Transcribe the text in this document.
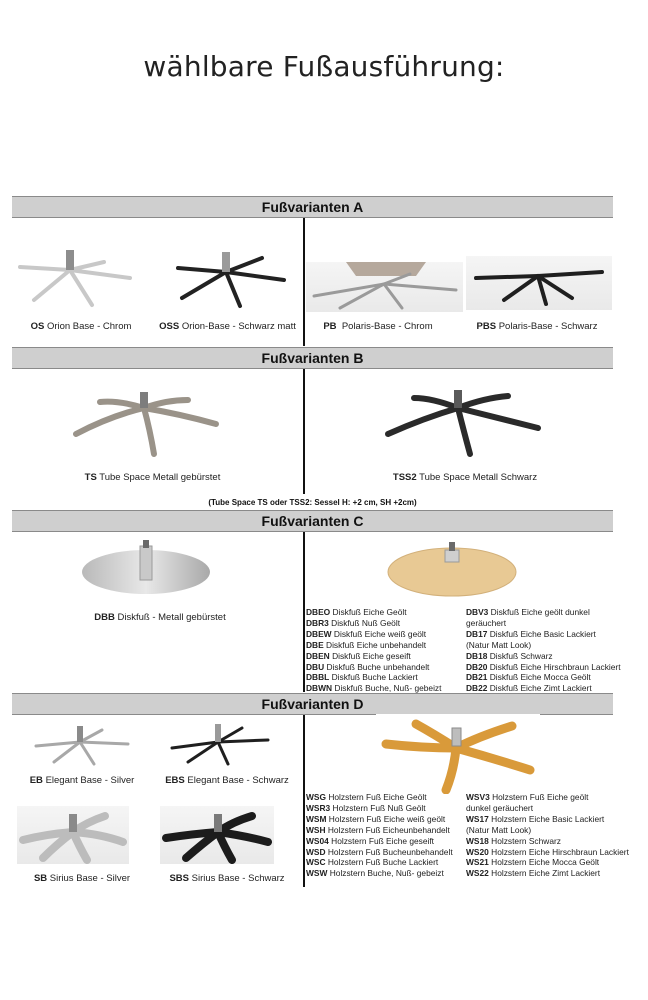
wählbare Fußausführung:
Fußvarianten A
OS Orion Base - Chrom	OSS Orion-Base - Schwarz matt	PB Polaris-Base - Chrom	PBS Polaris-Base - Schwarz
Fußvarianten B
TS Tube Space Metall gebürstet	TSS2 Tube Space Metall Schwarz
(Tube Space TS oder TSS2: Sessel H: +2 cm, SH +2cm)
Fußvarianten C
DBB Diskfuß - Metall gebürstet	DBEO Diskfuß Eiche Geölt
DBR3 Diskfuß Nuß Geölt
DBEW Diskfuß Eiche weiß geölt
DBE Diskfuß Eiche unbehandelt
DBEN Diskfuß Eiche geseift
DBU Diskfuß Buche unbehandelt
DBBL Diskfuß Buche Lackiert
DBWN Diskfuß Buche, Nuß- gebeizt
DBV3 Diskfuß Eiche geölt dunkel
geräuchert
DB17 Diskfuß Eiche Basic Lackiert
(Natur Matt Look)
DB18 Diskfuß Schwarz
DB20 Diskfuß Eiche Hirschbraun Lackiert
DB21 Diskfuß Eiche Mocca Geölt
DB22 Diskfuß Eiche Zimt Lackiert
Fußvarianten D
EB Elegant Base - Silver	EBS Elegant Base - Schwarz
SB Sirius Base - Silver	SBS Sirius Base - Schwarz
WSG Holzstern Fuß Eiche Geölt
WSR3 Holzstern Fuß Nuß Geölt
WSM Holzstern Fuß Eiche weiß geölt
WSH Holzstern Fuß Eicheunbehandelt
WS04 Holzstern Fuß Eiche geseift
WSD Holzstern Fuß Bucheunbehandelt
WSC Holzstern Fuß Buche Lackiert
WSW Holzstern Buche, Nuß- gebeizt
WSV3 Holzstern Fuß Eiche geölt
dunkel geräuchert
WS17 Holzstern Eiche Basic Lackiert
(Natur Matt Look)
WS18 Holzstern Schwarz
WS20 Holzstern Eiche Hirschbraun Lackiert
WS21 Holzstern Eiche Mocca Geölt
WS22 Holzstern Eiche Zimt Lackiert
